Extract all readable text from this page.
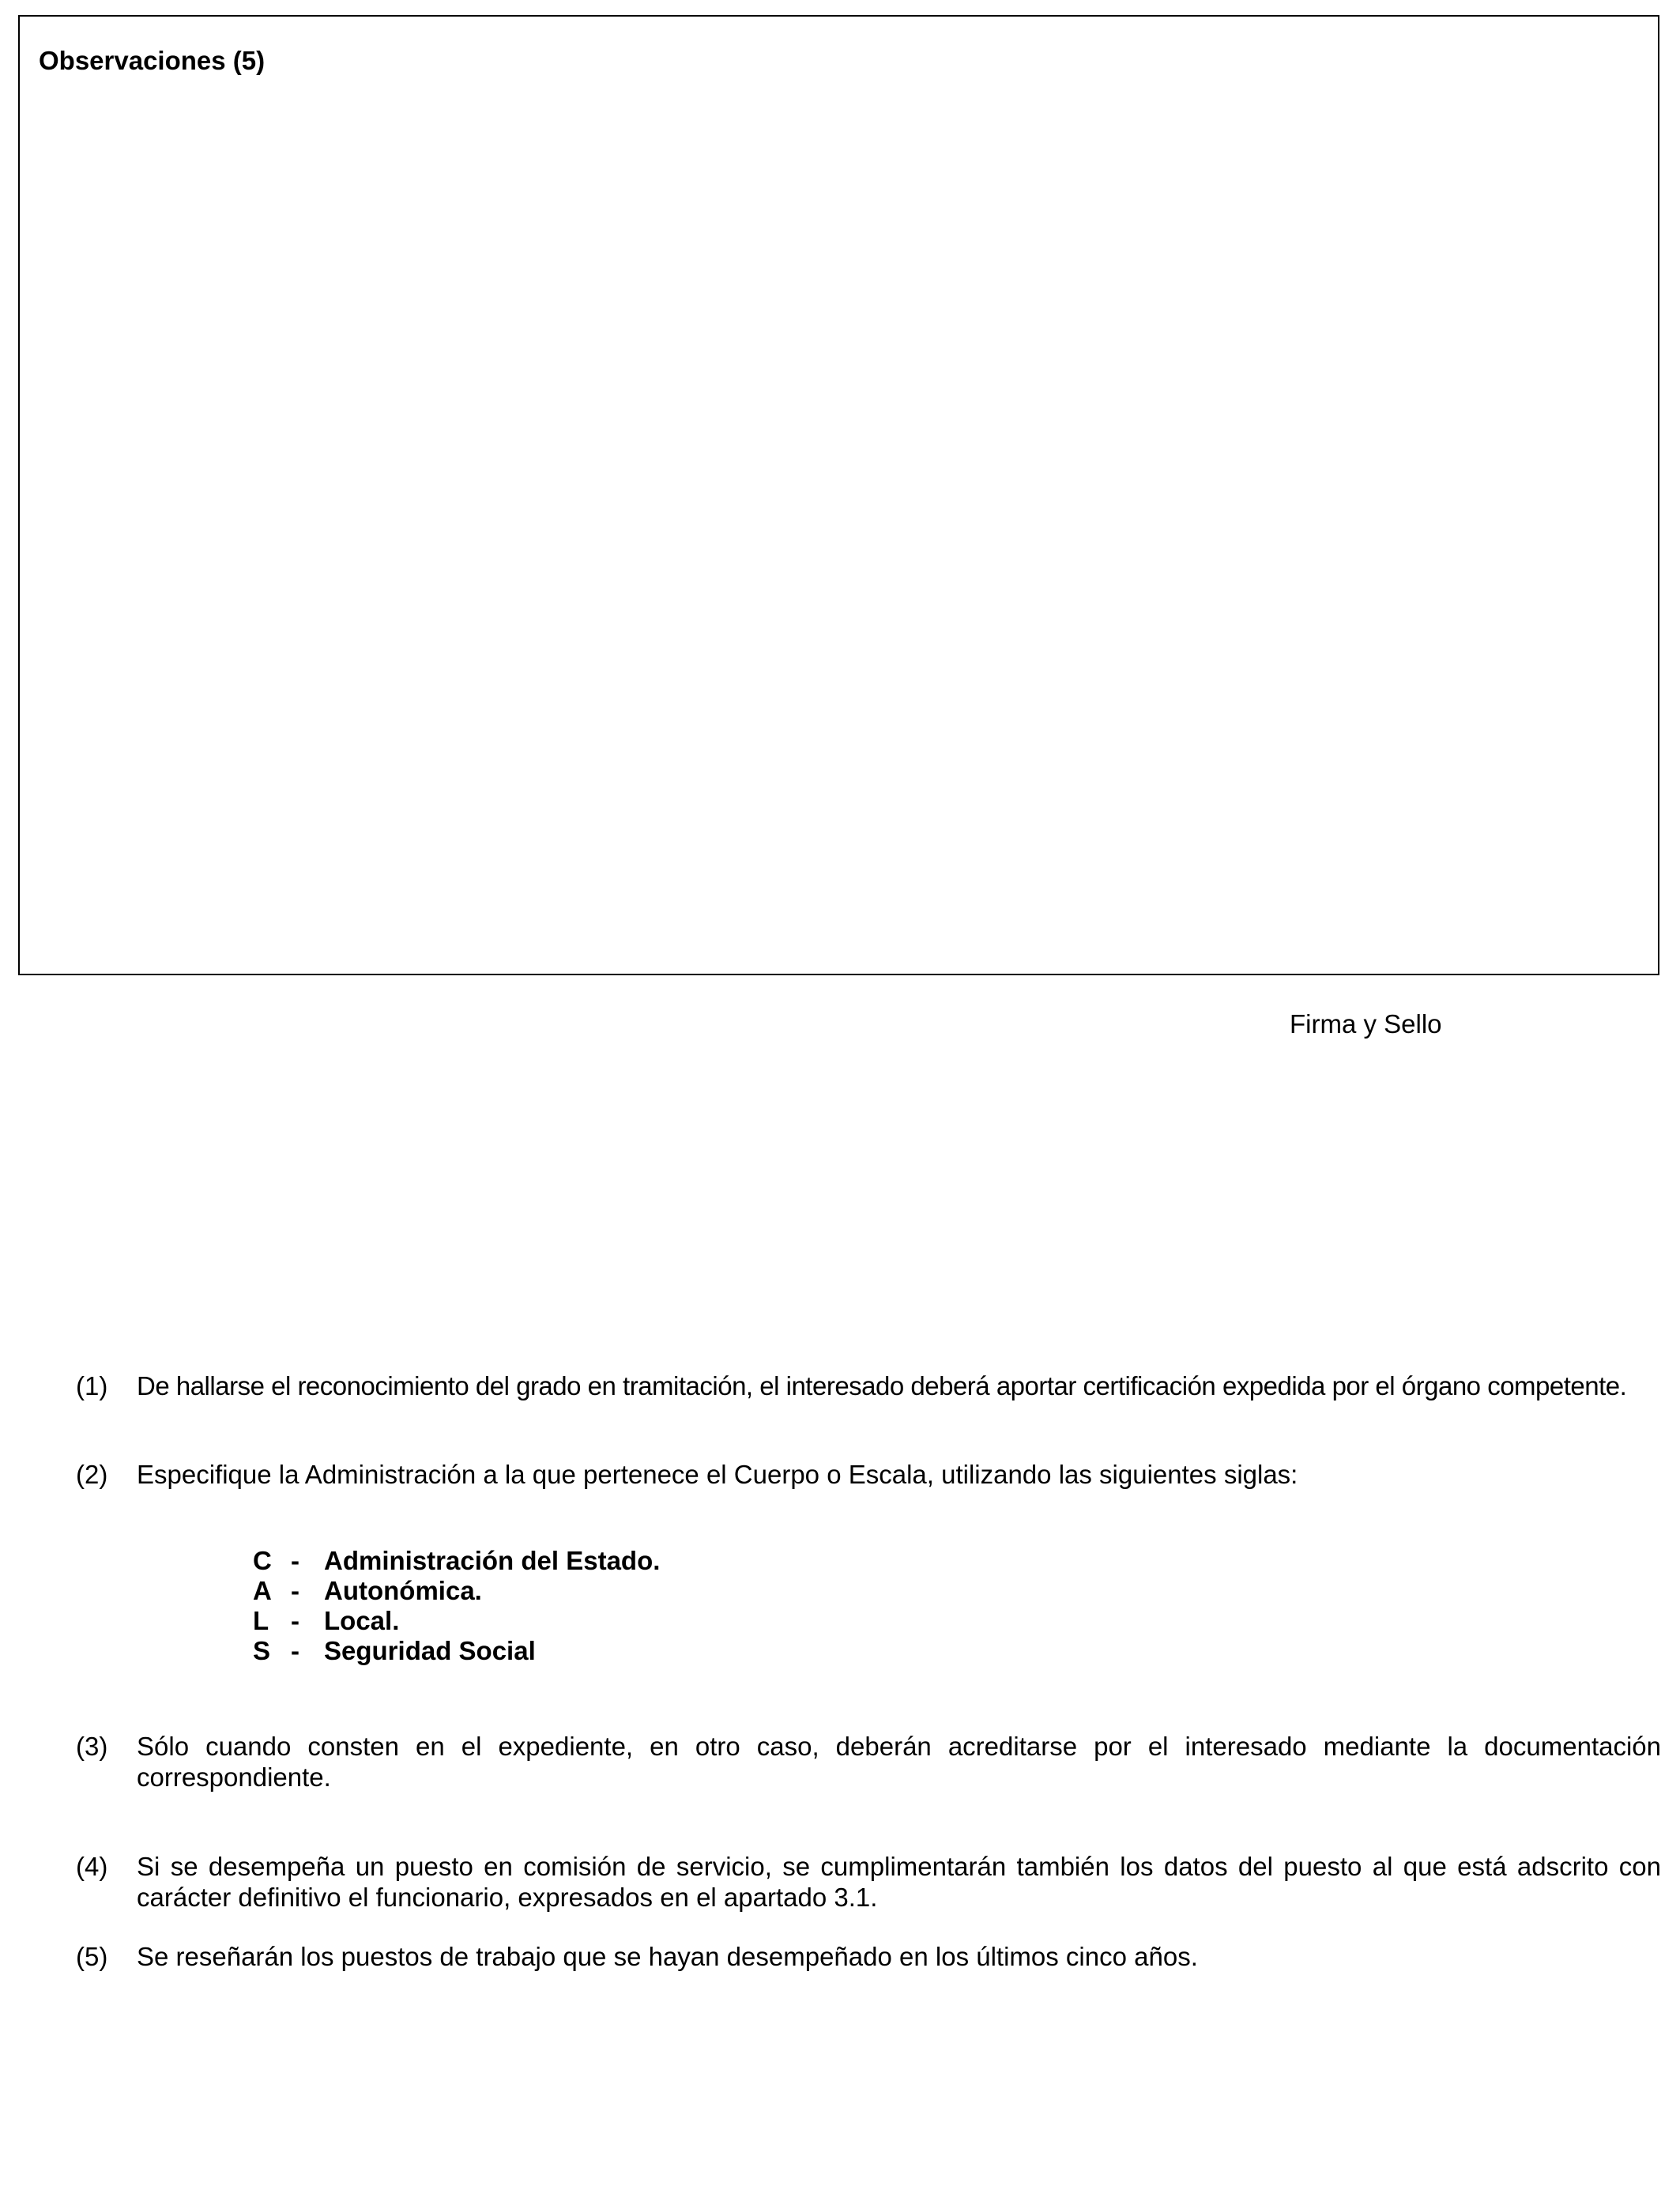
Observaciones (5)
Firma y Sello
(1) De hallarse el reconocimiento del grado en tramitación, el interesado deberá aportar certificación expedida por el órgano competente.
(2) Especifique la Administración a la que pertenece el Cuerpo o Escala, utilizando las siguientes siglas:
C - Administración del Estado.
A - Autonómica.
L - Local.
S - Seguridad Social
(3) Sólo cuando consten en el expediente, en otro caso, deberán acreditarse por el interesado mediante la documentación correspondiente.
(4) Si se desempeña un puesto en comisión de servicio, se cumplimentarán también los datos del puesto al que está adscrito con carácter definitivo el funcionario, expresados en el apartado 3.1.
(5) Se reseñarán los puestos de trabajo que se hayan desempeñado en los últimos cinco años.
